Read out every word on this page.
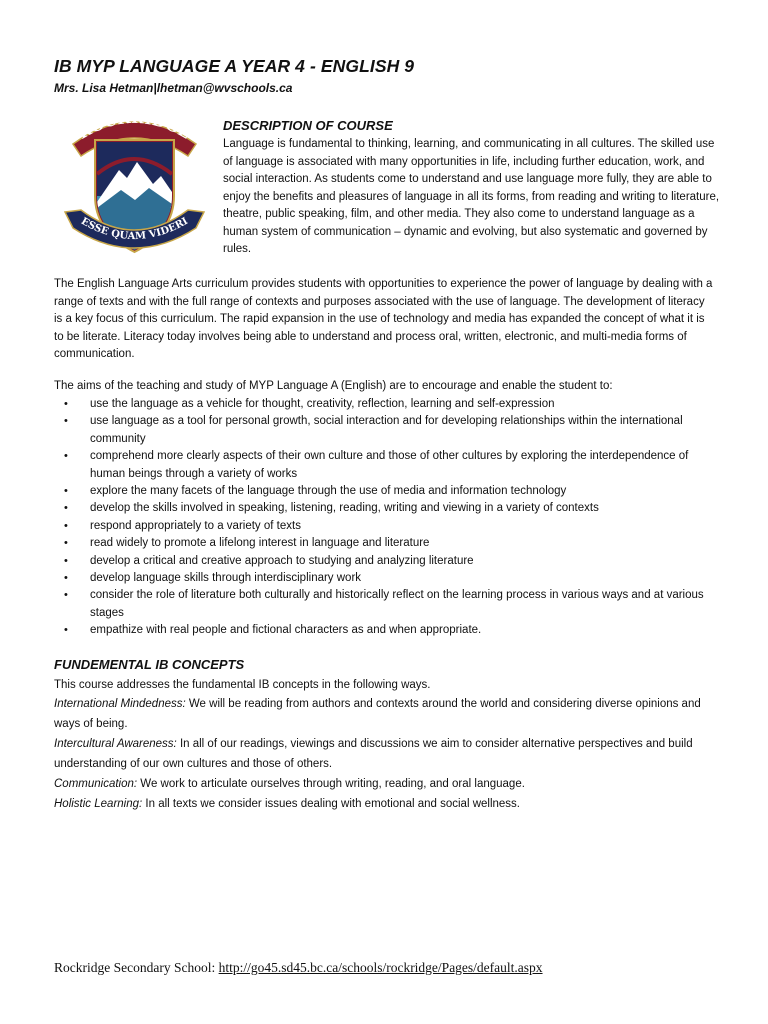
IB MYP LANGUAGE A YEAR 4 - ENGLISH 9
Mrs. Lisa Hetman|lhetman@wvschools.ca
ROCKRIDGE
ESSE QUAM VIDERI
DESCRIPTION OF COURSE

Language is fundamental to thinking, learning, and communicating in all cultures. The skilled use of language is associated with many opportunities in life, including further education, work, and social interaction. As students come to understand and use language more fully, they are able to enjoy the benefits and pleasures of language in all its forms, from reading and writing to literature, theatre, public speaking, film, and other media. They also come to understand language as a human system of communication – dynamic and evolving, but also systematic and governed by rules.

The English Language Arts curriculum provides students with opportunities to experience the power of language by dealing with a range of texts and with the full range of contexts and purposes associated with the use of language. The development of literacy is a key focus of this curriculum. The rapid expansion in the use of technology and media has expanded the concept of what it is to be literate. Literacy today involves being able to understand and process oral, written, electronic, and multi-media forms of communication.

The aims of the teaching and study of MYP Language A (English) are to encourage and enable the student to:

• use the language as a vehicle for thought, creativity, reflection, learning and self-expression
• use language as a tool for personal growth, social interaction and for developing relationships within the international community
• comprehend more clearly aspects of their own culture and those of other cultures by exploring the interdependence of human beings through a variety of works
• explore the many facets of the language through the use of media and information technology
• develop the skills involved in speaking, listening, reading, writing and viewing in a variety of contexts
• respond appropriately to a variety of texts
• read widely to promote a lifelong interest in language and literature
• develop a critical and creative approach to studying and analyzing literature
• develop language skills through interdisciplinary work
• consider the role of literature both culturally and historically reflect on the learning process in various ways and at various stages
• empathize with real people and fictional characters as and when appropriate.
FUNDEMENTAL IB CONCEPTS
This course addresses the fundamental IB concepts in the following ways.
International Mindedness: We will be reading from authors and contexts around the world and considering diverse opinions and ways of being.
Intercultural Awareness: In all of our readings, viewings and discussions we aim to consider alternative perspectives and build understanding of our own cultures and those of others.
Communication: We work to articulate ourselves through writing, reading, and oral language.
Holistic Learning: In all texts we consider issues dealing with emotional and social wellness.
Rockridge Secondary School: http://go45.sd45.bc.ca/schools/rockridge/Pages/default.aspx
